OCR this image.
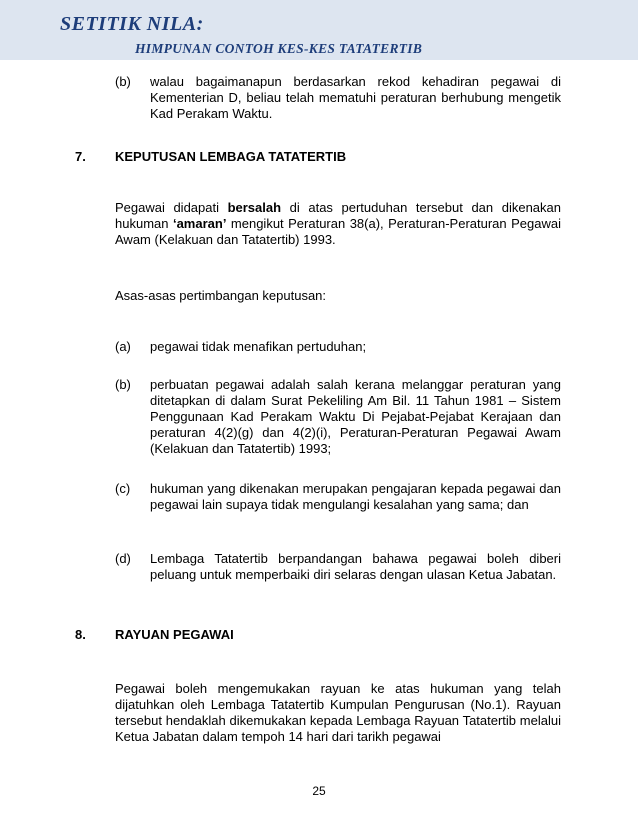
SETITIK NILA:
HIMPUNAN CONTOH KES-KES TATATERTIB
(b) walau bagaimanapun berdasarkan rekod kehadiran pegawai di Kementerian D, beliau telah mematuhi peraturan berhubung mengetik Kad Perakam Waktu.
7. KEPUTUSAN LEMBAGA TATATERTIB
Pegawai didapati bersalah di atas pertuduhan tersebut dan dikenakan hukuman ‘amaran’ mengikut Peraturan 38(a), Peraturan-Peraturan Pegawai Awam (Kelakuan dan Tatatertib) 1993.
Asas-asas pertimbangan keputusan:
(a) pegawai tidak menafikan pertuduhan;
(b) perbuatan pegawai adalah salah kerana melanggar peraturan yang ditetapkan di dalam Surat Pekeliling Am Bil. 11 Tahun 1981 – Sistem Penggunaan Kad Perakam Waktu Di Pejabat-Pejabat Kerajaan dan peraturan 4(2)(g) dan 4(2)(i), Peraturan-Peraturan Pegawai Awam (Kelakuan dan Tatatertib) 1993;
(c) hukuman yang dikenakan merupakan pengajaran kepada pegawai dan pegawai lain supaya tidak mengulangi kesalahan yang sama; dan
(d) Lembaga Tatatertib berpandangan bahawa pegawai boleh diberi peluang untuk memperbaiki diri selaras dengan ulasan Ketua Jabatan.
8. RAYUAN PEGAWAI
Pegawai boleh mengemukakan rayuan ke atas hukuman yang telah dijatuhkan oleh Lembaga Tatatertib Kumpulan Pengurusan (No.1). Rayuan tersebut hendaklah dikemukakan kepada Lembaga Rayuan Tatatertib melalui Ketua Jabatan dalam tempoh 14 hari dari tarikh pegawai
25
